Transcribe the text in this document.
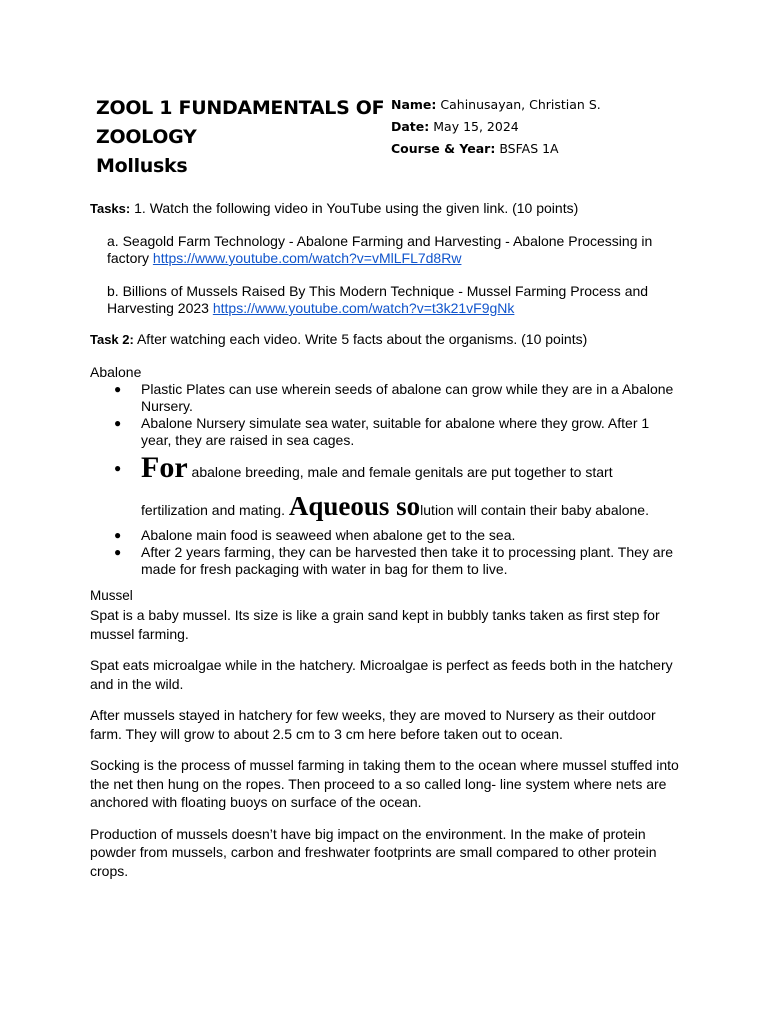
ZOOL 1 FUNDAMENTALS OF
ZOOLOGY
Mollusks
Name: Cahinusayan, Christian S.
Date: May 15, 2024
Course & Year: BSFAS 1A
Tasks: 1. Watch the following video in YouTube using the given link. (10 points)
a. Seagold Farm Technology - Abalone Farming and Harvesting - Abalone Processing in factory https://www.youtube.com/watch?v=vMlLFL7d8Rw
b. Billions of Mussels Raised By This Modern Technique - Mussel Farming Process and Harvesting 2023 https://www.youtube.com/watch?v=t3k21vF9gNk
Task 2: After watching each video. Write 5 facts about the organisms. (10 points)
Abalone
● Plastic Plates can use wherein seeds of abalone can grow while they are in a Abalone Nursery.
● Abalone Nursery simulate sea water, suitable for abalone where they grow. After 1 year, they are raised in sea cages.
● For abalone breeding, male and female genitals are put together to start fertilization and mating. Aqueous solution will contain their baby abalone.
● Abalone main food is seaweed when abalone get to the sea.
● After 2 years farming, they can be harvested then take it to processing plant. They are made for fresh packaging with water in bag for them to live.
Mussel

Spat is a baby mussel. Its size is like a grain sand kept in bubbly tanks taken as first step for mussel farming.

Spat eats microalgae while in the hatchery. Microalgae is perfect as feeds both in the hatchery and in the wild.

After mussels stayed in hatchery for few weeks, they are moved to Nursery as their outdoor farm. They will grow to about 2.5 cm to 3 cm here before taken out to ocean.

Socking is the process of mussel farming in taking them to the ocean where mussel stuffed into the net then hung on the ropes. Then proceed to a so called long- line system where nets are anchored with floating buoys on surface of the ocean.

Production of mussels doesn’t have big impact on the environment. In the make of protein powder from mussels, carbon and freshwater footprints are small compared to other protein crops.
